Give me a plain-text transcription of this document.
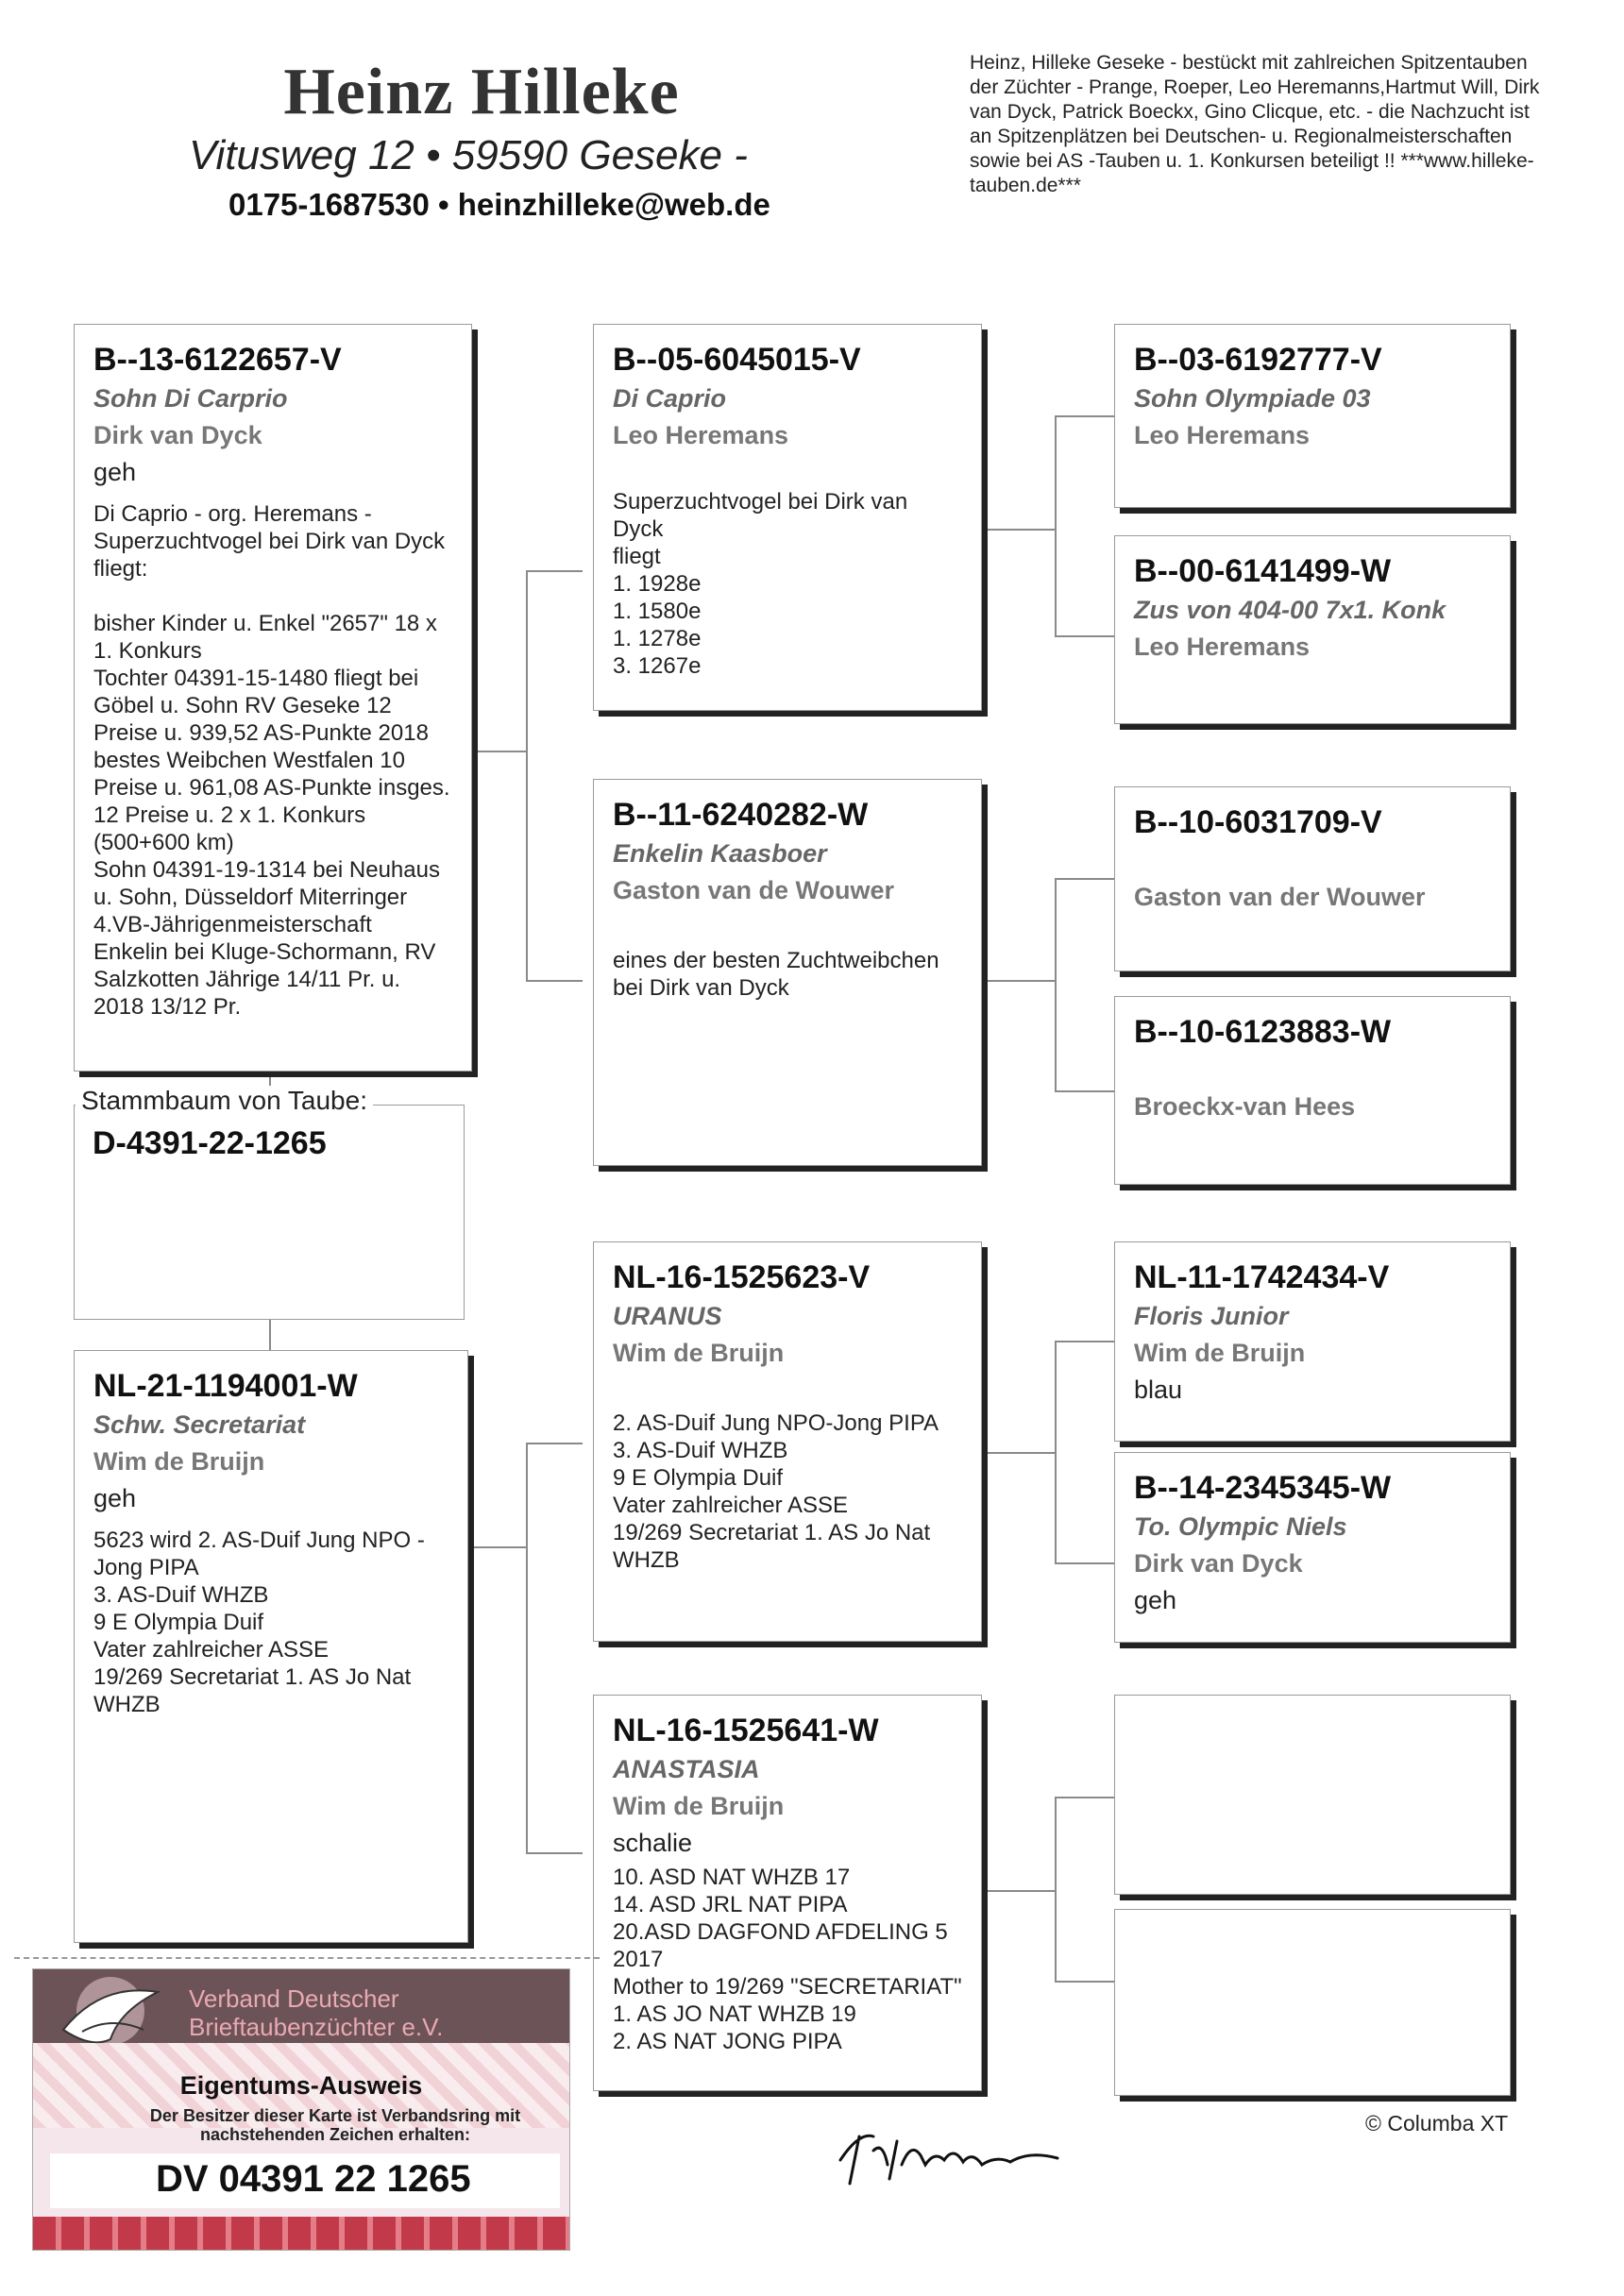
Heinz Hilleke
Vitusweg 12 • 59590 Geseke -
0175-1687530 • heinzhilleke@web.de
Heinz, Hilleke Geseke - bestückt mit zahlreichen Spitzentauben der Züchter - Prange, Roeper, Leo Heremanns,Hartmut Will, Dirk van Dyck, Patrick Boeckx, Gino Clicque, etc. - die Nachzucht ist an Spitzenplätzen bei Deutschen- u. Regionalmeisterschaften sowie bei AS -Tauben u. 1. Konkursen beteiligt !! ***www.hilleke-tauben.de***
B--13-6122657-V
Sohn Di Carprio
Dirk van Dyck
geh
Di Caprio - org. Heremans - Superzuchtvogel bei Dirk van Dyck fliegt:

bisher Kinder u. Enkel "2657" 18 x 1. Konkurs
Tochter 04391-15-1480 fliegt bei Göbel u. Sohn RV Geseke 12 Preise u. 939,52 AS-Punkte 2018 bestes Weibchen Westfalen 10 Preise u. 961,08 AS-Punkte insges. 12 Preise u. 2 x 1. Konkurs (500+600 km)
Sohn 04391-19-1314 bei Neuhaus u. Sohn, Düsseldorf Miterringer 4.VB-Jährigenmeisterschaft
Enkelin bei Kluge-Schormann, RV Salzkotten Jährige 14/11 Pr. u. 2018 13/12 Pr.
Stammbaum von Taube:
D-4391-22-1265
NL-21-1194001-W
Schw. Secretariat
Wim de Bruijn
geh
5623 wird 2. AS-Duif Jung NPO -Jong PIPA
3. AS-Duif WHZB
9 E Olympia Duif
Vater zahlreicher ASSE
19/269 Secretariat 1. AS Jo Nat WHZB
B--05-6045015-V
Di Caprio
Leo Heremans
Superzuchtvogel bei Dirk van Dyck
fliegt
1. 1928e
1. 1580e
1. 1278e
3. 1267e
B--11-6240282-W
Enkelin Kaasboer
Gaston van de Wouwer
eines der besten Zuchtweibchen bei Dirk van Dyck
NL-16-1525623-V
URANUS
Wim de Bruijn
2. AS-Duif Jung NPO-Jong PIPA
3. AS-Duif WHZB
9 E Olympia Duif
Vater zahlreicher ASSE
19/269 Secretariat 1. AS Jo Nat WHZB
NL-16-1525641-W
ANASTASIA
Wim de Bruijn
schalie
10. ASD NAT WHZB 17
14. ASD JRL NAT PIPA
20.ASD DAGFOND AFDELING 5 2017
Mother to 19/269 "SECRETARIAT"
1. AS JO NAT WHZB 19
2. AS NAT JONG PIPA
B--03-6192777-V
Sohn Olympiade 03
Leo Heremans
B--00-6141499-W
Zus von 404-00 7x1. Konk
Leo Heremans
B--10-6031709-V
Gaston van der Wouwer
B--10-6123883-W
Broeckx-van Hees
NL-11-1742434-V
Floris Junior
Wim de Bruijn
blau
B--14-2345345-W
To. Olympic Niels
Dirk van Dyck
geh
Verband Deutscher
Brieftaubenzüchter e.V.
Eigentums-Ausweis
Der Besitzer dieser Karte ist Verbandsring mit nachstehenden Zeichen erhalten:
DV 04391 22 1265
© Columba XT
